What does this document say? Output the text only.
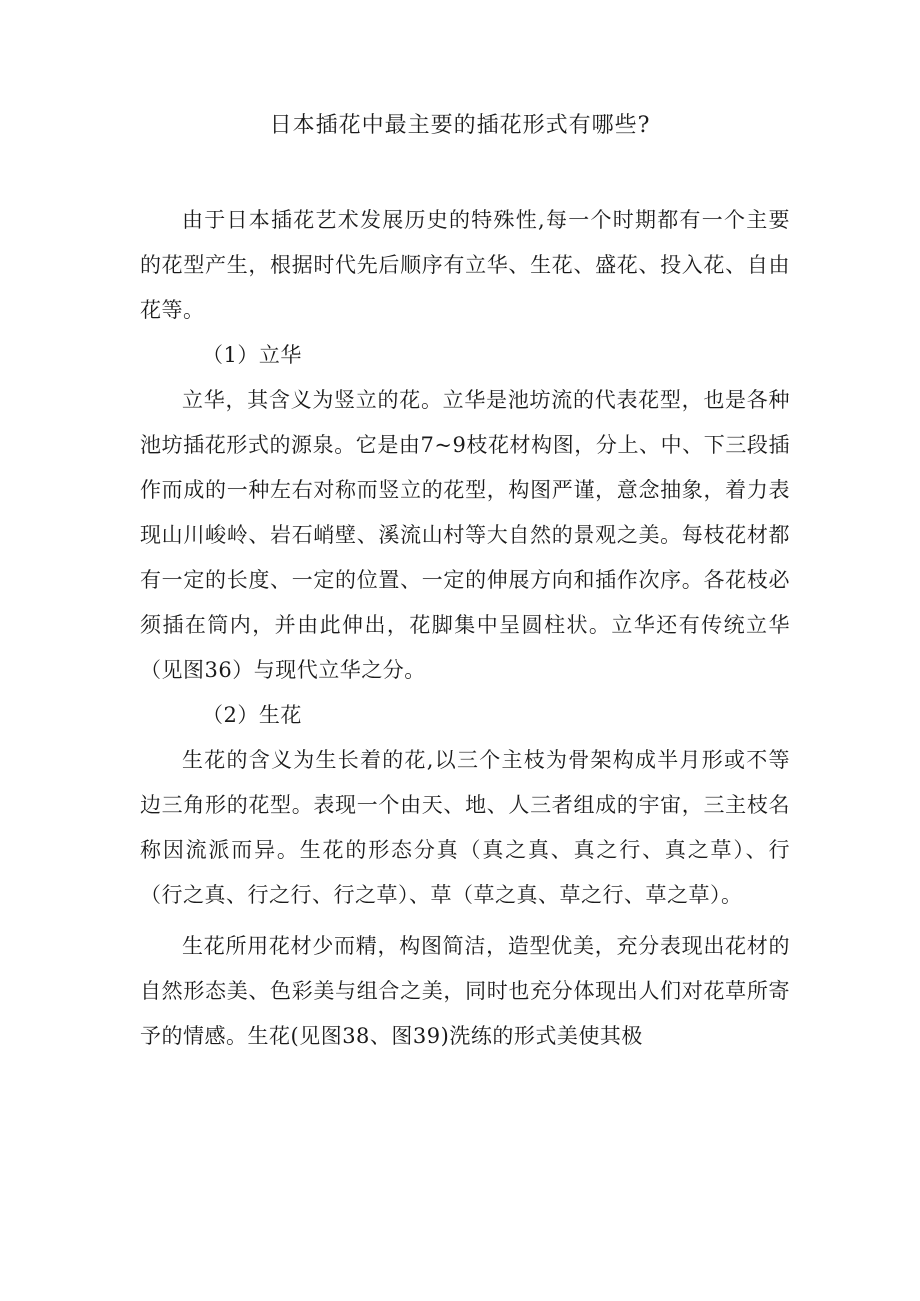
日本插花中最主要的插花形式有哪些?

由于日本插花艺术发展历史的特殊性,每一个时期都有一个主要的花型产生，根据时代先后顺序有立华、生花、盛花、投入花、自由花等。

（1）立华

立华，其含义为竖立的花。立华是池坊流的代表花型，也是各种池坊插花形式的源泉。它是由7~9枝花材构图，分上、中、下三段插作而成的一种左右对称而竖立的花型，构图严谨，意念抽象，着力表现山川峻岭、岩石峭壁、溪流山村等大自然的景观之美。每枝花材都有一定的长度、一定的位置、一定的伸展方向和插作次序。各花枝必须插在筒内，并由此伸出，花脚集中呈圆柱状。立华还有传统立华（见图36）与现代立华之分。

（2）生花

生花的含义为生长着的花,以三个主枝为骨架构成半月形或不等边三角形的花型。表现一个由天、地、人三者组成的宇宙，三主枝名称因流派而异。生花的形态分真（真之真、真之行、真之草）、行（行之真、行之行、行之草）、草（草之真、草之行、草之草）。

生花所用花材少而精，构图简洁，造型优美，充分表现出花材的自然形态美、色彩美与组合之美，同时也充分体现出人们对花草所寄予的情感。生花(见图38、图39)洗练的形式美使其极
